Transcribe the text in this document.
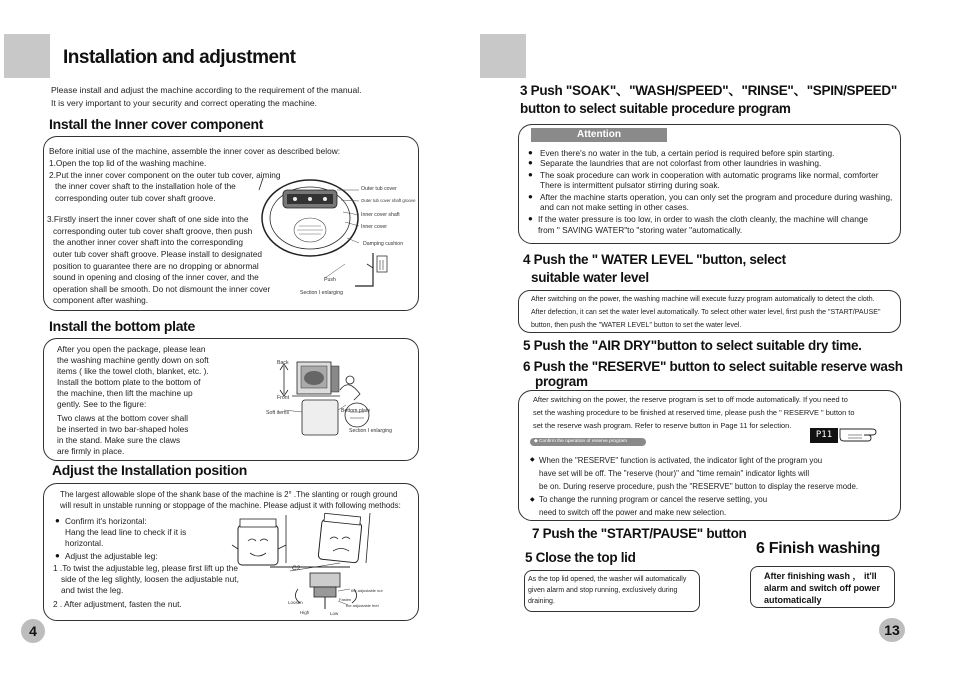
Installation and adjustment
Please install and adjust the machine according to the requirement of the manual.
It is very important to your security and correct operating the machine.
Install the Inner cover component
Before initial use of the machine, assemble the inner cover as described below:
1.Open the top lid of the washing machine.
2.Put the inner cover component on the outer tub cover, aiming
the inner cover shaft to the installation hole of the
corresponding outer tub cover shaft groove.
3.Firstly insert the inner cover shaft of one side into the
corresponding outer tub cover shaft groove, then push
the another inner cover shaft into the corresponding
outer tub cover shaft groove. Please install to designated
position to guarantee there are no dropping or abnormal
sound in opening and closing of the inner cover, and the
operation shall be smooth. Do not dismount the inner cover
component after washing.
Outer tub cover
Outer tub cover shaft groove
Inner cover shaft
Inner cover
Damping cushion
Push
Section I enlarging
Install the bottom plate
After you open the package, please lean
the washing machine gently down on soft
items ( like the towel cloth, blanket, etc. ).
Install the bottom plate to the bottom of
the machine, then lift the machine up
gently. See to the figure:
Two claws at the bottom cover shall
be inserted in two bar-shaped holes
in the stand. Make sure the claws
are firmly in place.
Back
Front
Soft items	Bottom plate
Section I enlarging
Adjust the Installation position
The largest allowable slope of the shank base of the machine is 2° .The slanting or rough ground
will result in unstable running or stoppage of the machine. Please adjust it with following methods:
● Confirm it's horizontal:
Hang the lead line to check if it is
horizontal.
● Adjust the adjustable leg:
1 .To twist the adjustable leg, please first lift up the
side of the leg slightly, loosen the adjustable nut,
and twist the leg.
2 . After adjustment, fasten the nut.
C2
the adjustable nut
Fasten
the adjustable feet
Loosen
High	Low
4
3 Push "SOAK"、"WASH/SPEED"、"RINSE"、"SPIN/SPEED"
button to select suitable procedure program
Attention
● Even there's no water in the tub, a certain period is required before spin starting.
● Separate the laundries that are not colorfast from other laundries in washing.
● The soak procedure can work in cooperation with automatic programs like normal, comforter
There is intermittent pulsator stirring during soak.
● After the machine starts operation, you can only set the program and procedure during washing,
and can not make setting in other cases.
● If the water pressure is too low, in order to wash the cloth cleanly, the machine will change
from " SAVING WATER"to "storing water "automatically.
4 Push the " WATER LEVEL "button, select
suitable water level
After switching on the power, the washing machine will execute fuzzy program automatically to detect the cloth.
After defection, it can set the water level automatically. To select other water level, first push the "START/PAUSE"
button, then push the "WATER LEVEL" button to set the water level.
5 Push the "AIR DRY"button to select suitable dry time.
6 Push the "RESERVE" button to select suitable reserve wash
program
After switching on the power, the reserve program is set to off mode automatically. If you need to
set the washing procedure to be finished at reserved time, please push the " RESERVE " button to
set the reserve wash program. Refer to reserve button in Page 11 for selection.
P11
◆ Confirm the operation of reserve program
◆ When the "RESERVE" function is activated, the indicator light of the program you
have set will be off. The "reserve (hour)" and "time remain" indicator lights will
be on. During reserve procedure, push the "RESERVE" button to display the reserve mode.
◆ To change the running program or cancel the reserve setting, you
need to switch off the power and make new selection.
7 Push the "START/PAUSE" button
5 Close the top lid
As the top lid opened, the washer will automatically
given alarm and stop running, exclusively during
draining.
6 Finish washing
After finishing wash ， it'll
alarm and switch off power
automatically
13
